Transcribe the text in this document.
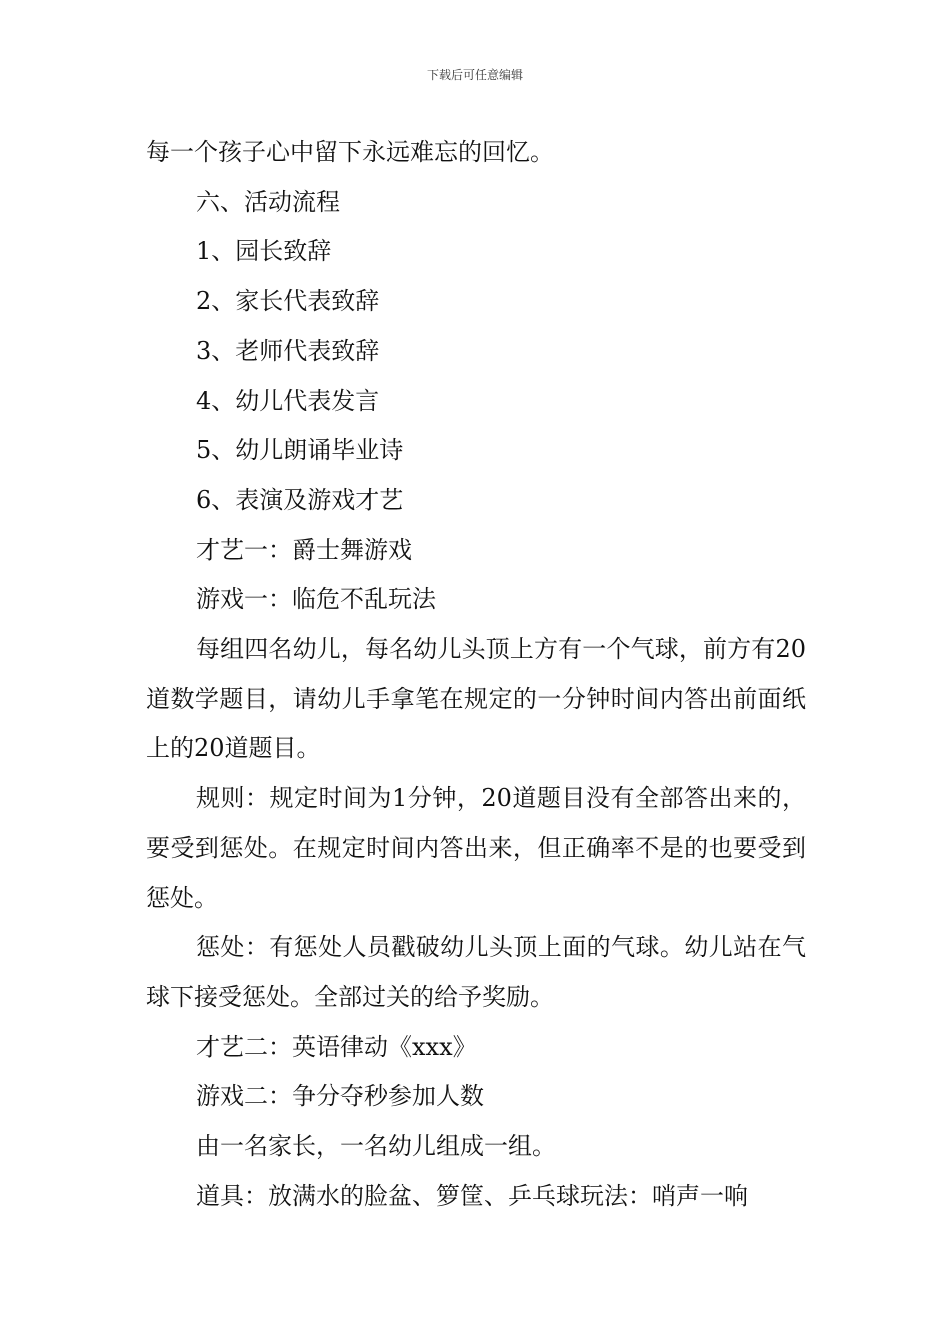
下载后可任意编辑

每一个孩子心中留下永远难忘的回忆。

六、活动流程

1、园长致辞

2、家长代表致辞

3、老师代表致辞

4、幼儿代表发言

5、幼儿朗诵毕业诗

6、表演及游戏才艺

才艺一：爵士舞游戏

游戏一：临危不乱玩法

每组四名幼儿，每名幼儿头顶上方有一个气球，前方有20道数学题目，请幼儿手拿笔在规定的一分钟时间内答出前面纸上的20道题目。

规则：规定时间为1分钟，20道题目没有全部答出来的，要受到惩处。在规定时间内答出来，但正确率不是的也要受到惩处。

惩处：有惩处人员戳破幼儿头顶上面的气球。幼儿站在气球下接受惩处。全部过关的给予奖励。

才艺二：英语律动《xxx》

游戏二：争分夺秒参加人数

由一名家长，一名幼儿组成一组。

道具：放满水的脸盆、箩筐、乒乓球玩法：哨声一响
